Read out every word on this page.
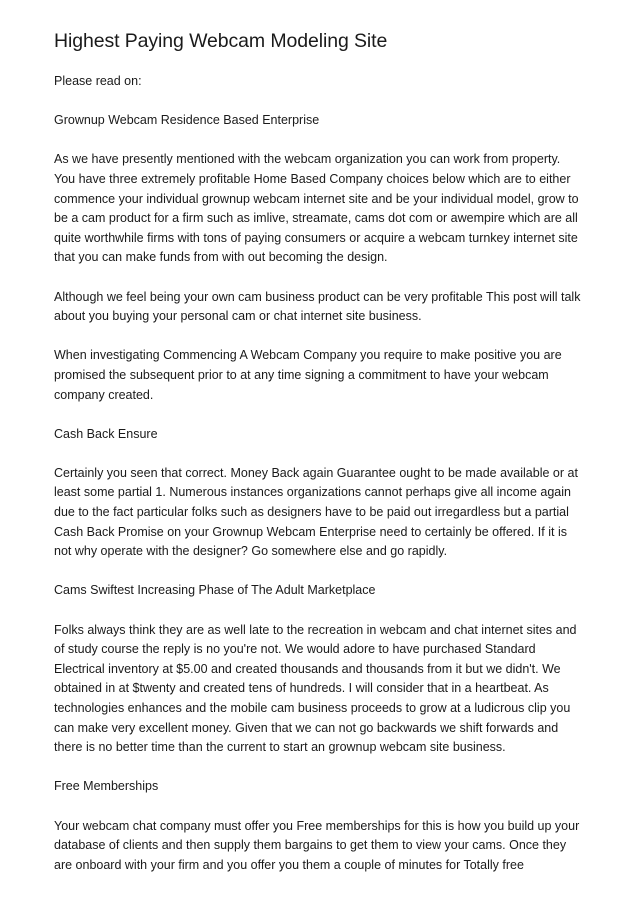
Highest Paying Webcam Modeling Site

Please read on:

Grownup Webcam Residence Based Enterprise

As we have presently mentioned with the webcam organization you can work from property. You have three extremely profitable Home Based Company choices below which are to either commence your individual grownup webcam internet site and be your individual model, grow to be a cam product for a firm such as imlive, streamate, cams dot com or awempire which are all quite worthwhile firms with tons of paying consumers or acquire a webcam turnkey internet site that you can make funds from with out becoming the design.

Although we feel being your own cam business product can be very profitable This post will talk about you buying your personal cam or chat internet site business.

When investigating Commencing A Webcam Company you require to make positive you are promised the subsequent prior to at any time signing a commitment to have your webcam company created.

Cash Back Ensure

Certainly you seen that correct. Money Back again Guarantee ought to be made available or at least some partial 1. Numerous instances organizations cannot perhaps give all income again due to the fact particular folks such as designers have to be paid out irregardless but a partial Cash Back Promise on your Grownup Webcam Enterprise need to certainly be offered. If it is not why operate with the designer? Go somewhere else and go rapidly.

Cams Swiftest Increasing Phase of The Adult Marketplace

Folks always think they are as well late to the recreation in webcam and chat internet sites and of study course the reply is no you're not. We would adore to have purchased Standard Electrical inventory at $5.00 and created thousands and thousands from it but we didn't. We obtained in at $twenty and created tens of hundreds. I will consider that in a heartbeat. As technologies enhances and the mobile cam business proceeds to grow at a ludicrous clip you can make very excellent money. Given that we can not go backwards we shift forwards and there is no better time than the current to start an grownup webcam site business.

Free Memberships

Your webcam chat company must offer you Free memberships for this is how you build up your database of clients and then supply them bargains to get them to view your cams. Once they are onboard with your firm and you offer you them a couple of minutes for Totally free
